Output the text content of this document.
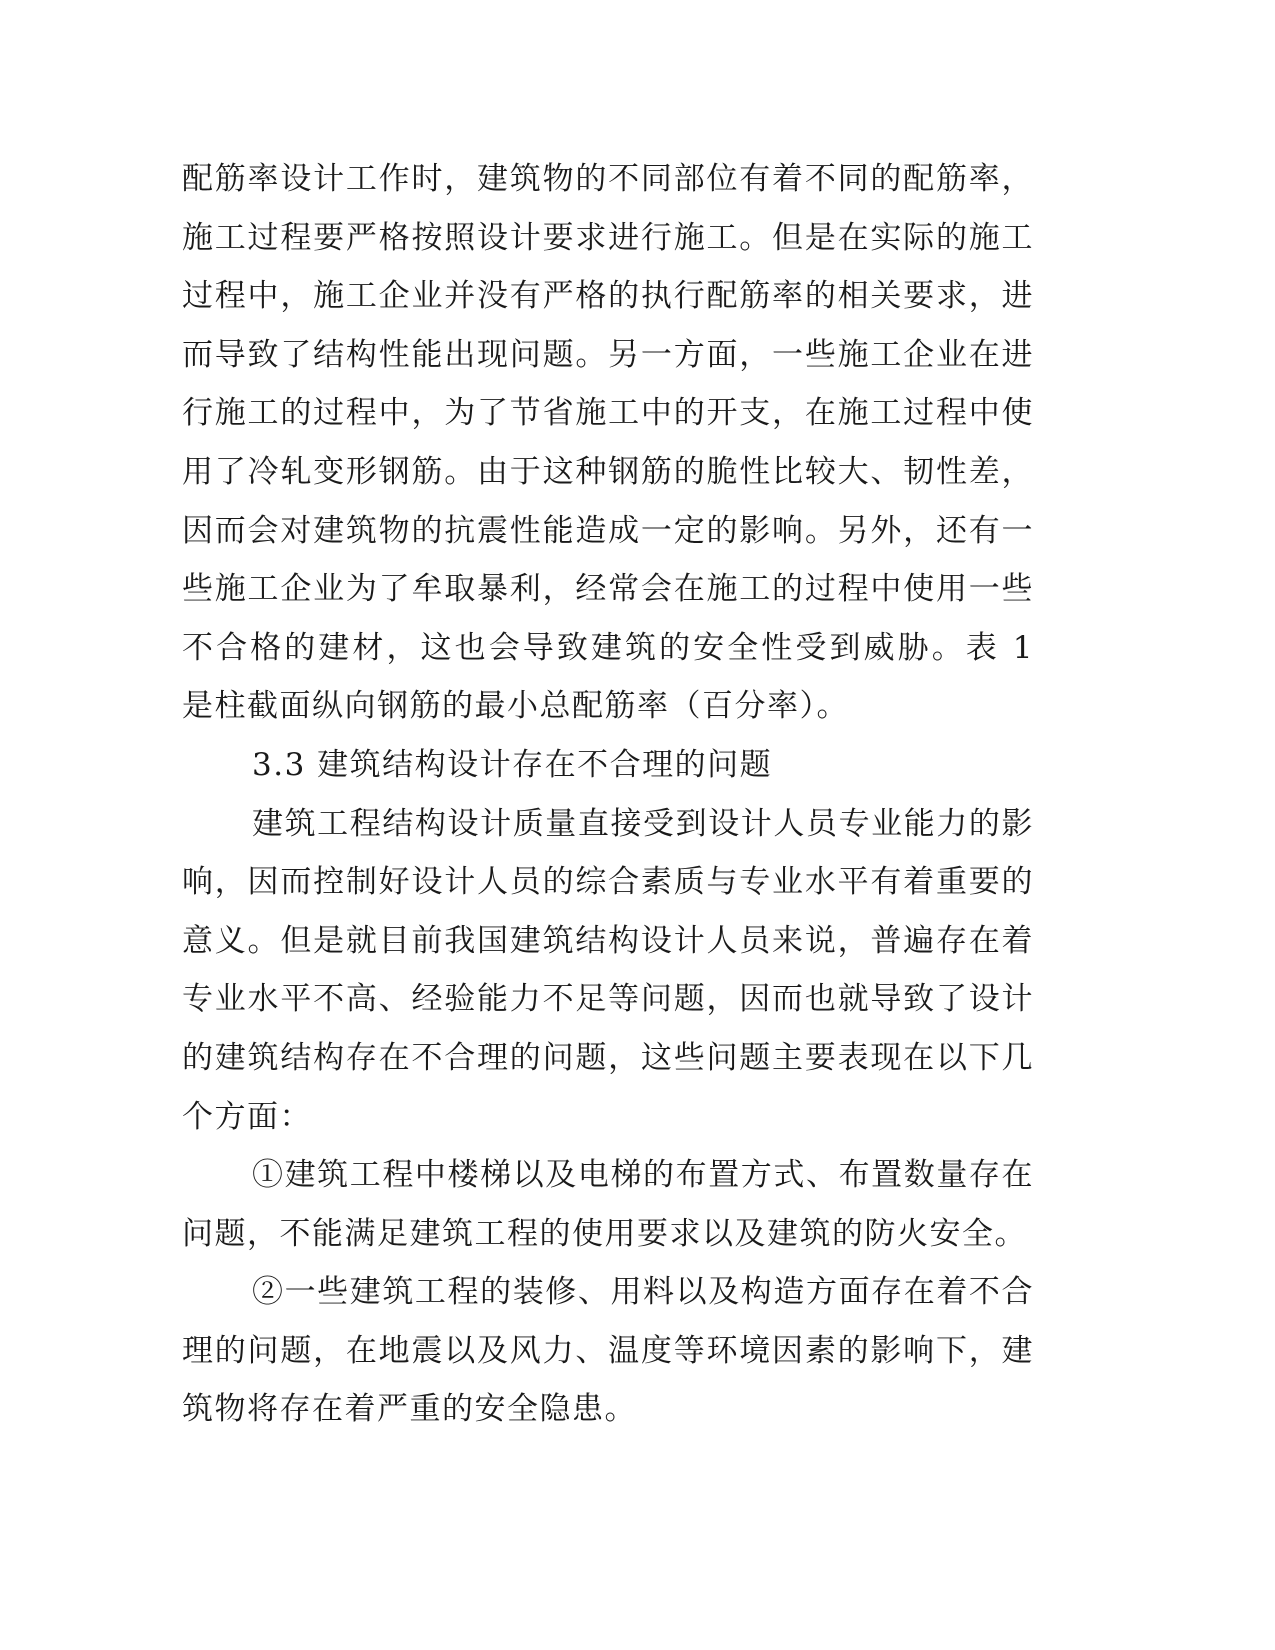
配筋率设计工作时，建筑物的不同部位有着不同的配筋率，施工过程要严格按照设计要求进行施工。但是在实际的施工过程中，施工企业并没有严格的执行配筋率的相关要求，进而导致了结构性能出现问题。另一方面，一些施工企业在进行施工的过程中，为了节省施工中的开支，在施工过程中使用了冷轧变形钢筋。由于这种钢筋的脆性比较大、韧性差，因而会对建筑物的抗震性能造成一定的影响。另外，还有一些施工企业为了牟取暴利，经常会在施工的过程中使用一些不合格的建材，这也会导致建筑的安全性受到威胁。表 1 是柱截面纵向钢筋的最小总配筋率（百分率）。

3.3 建筑结构设计存在不合理的问题

建筑工程结构设计质量直接受到设计人员专业能力的影响，因而控制好设计人员的综合素质与专业水平有着重要的意义。但是就目前我国建筑结构设计人员来说，普遍存在着专业水平不高、经验能力不足等问题，因而也就导致了设计的建筑结构存在不合理的问题，这些问题主要表现在以下几个方面：

①建筑工程中楼梯以及电梯的布置方式、布置数量存在问题，不能满足建筑工程的使用要求以及建筑的防火安全。

②一些建筑工程的装修、用料以及构造方面存在着不合理的问题，在地震以及风力、温度等环境因素的影响下，建筑物将存在着严重的安全隐患。
